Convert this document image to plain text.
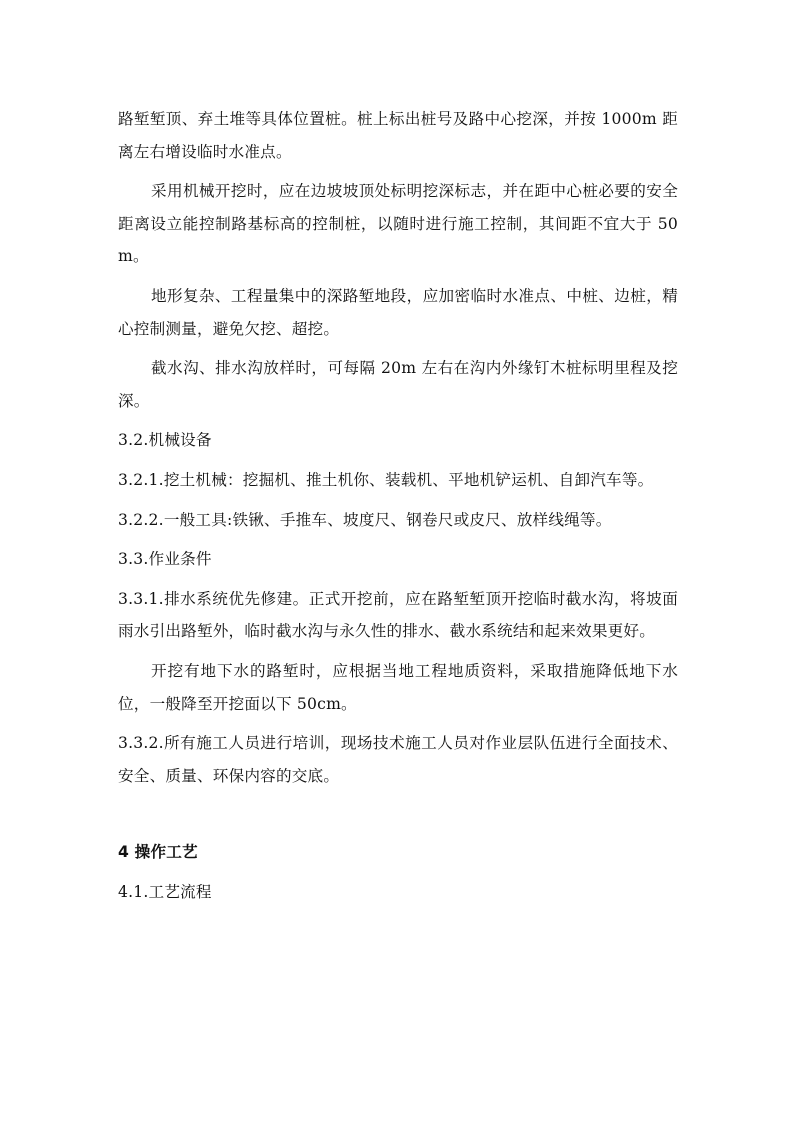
路堑堑顶、弃土堆等具体位置桩。桩上标出桩号及路中心挖深，并按 1000m 距离左右增设临时水准点。

采用机械开挖时，应在边坡坡顶处标明挖深标志，并在距中心桩必要的安全距离设立能控制路基标高的控制桩，以随时进行施工控制，其间距不宜大于 50m。

地形复杂、工程量集中的深路堑地段，应加密临时水准点、中桩、边桩，精心控制测量，避免欠挖、超挖。

截水沟、排水沟放样时，可每隔 20m 左右在沟内外缘钉木桩标明里程及挖深。

3.2.机械设备

3.2.1.挖土机械：挖掘机、推土机你、装载机、平地机铲运机、自卸汽车等。

3.2.2.一般工具:铁锹、手推车、坡度尺、钢卷尺或皮尺、放样线绳等。

3.3.作业条件

3.3.1.排水系统优先修建。正式开挖前，应在路堑堑顶开挖临时截水沟，将坡面雨水引出路堑外，临时截水沟与永久性的排水、截水系统结和起来效果更好。

开挖有地下水的路堑时，应根据当地工程地质资料，采取措施降低地下水位，一般降至开挖面以下 50cm。

3.3.2.所有施工人员进行培训，现场技术施工人员对作业层队伍进行全面技术、安全、质量、环保内容的交底。

4 操作工艺

4.1.工艺流程
